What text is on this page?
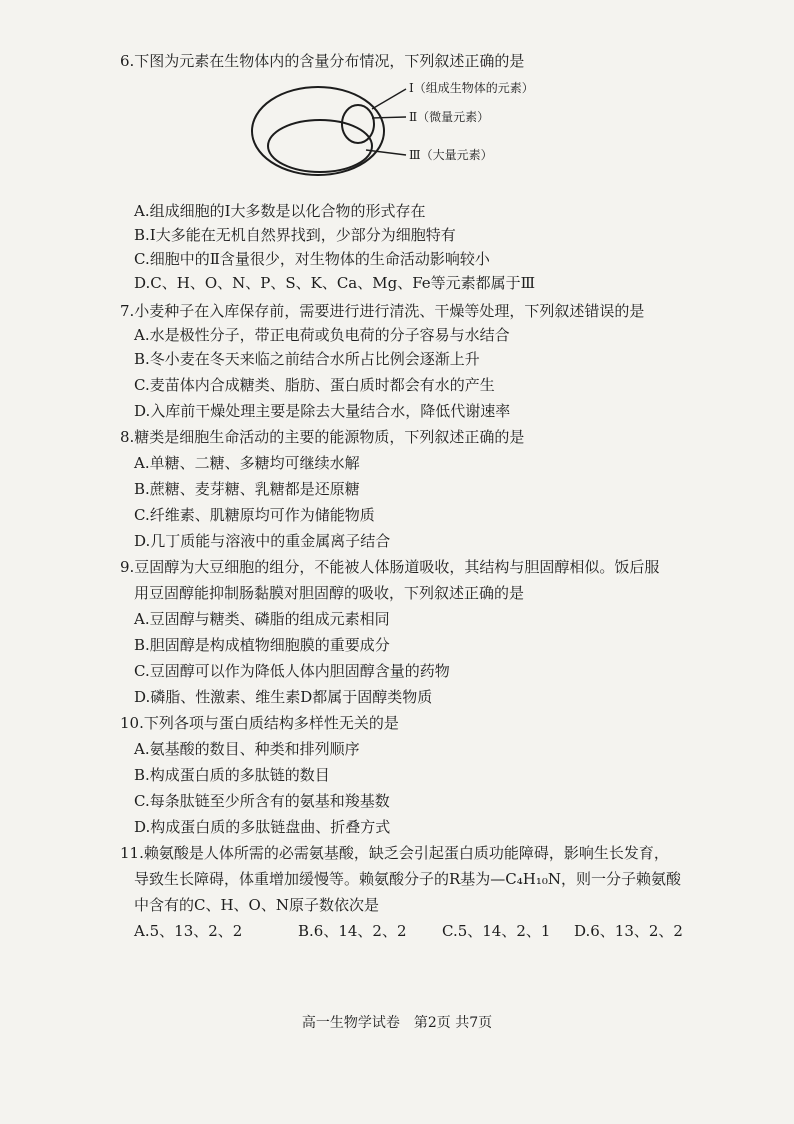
6.下图为元素在生物体内的含量分布情况，下列叙述正确的是
Ⅰ（组成生物体的元素）
Ⅱ（微量元素）
Ⅲ（大量元素）
A.组成细胞的Ⅰ大多数是以化合物的形式存在
B.Ⅰ大多能在无机自然界找到，少部分为细胞特有
C.细胞中的Ⅱ含量很少，对生物体的生命活动影响较小
D.C、H、O、N、P、S、K、Ca、Mg、Fe等元素都属于Ⅲ
7.小麦种子在入库保存前，需要进行进行清洗、干燥等处理，下列叙述错误的是
A.水是极性分子，带正电荷或负电荷的分子容易与水结合
B.冬小麦在冬天来临之前结合水所占比例会逐渐上升
C.麦苗体内合成糖类、脂肪、蛋白质时都会有水的产生
D.入库前干燥处理主要是除去大量结合水，降低代谢速率
8.糖类是细胞生命活动的主要的能源物质，下列叙述正确的是
A.单糖、二糖、多糖均可继续水解
B.蔗糖、麦芽糖、乳糖都是还原糖
C.纤维素、肌糖原均可作为储能物质
D.几丁质能与溶液中的重金属离子结合
9.豆固醇为大豆细胞的组分，不能被人体肠道吸收，其结构与胆固醇相似。饭后服
用豆固醇能抑制肠黏膜对胆固醇的吸收，下列叙述正确的是
A.豆固醇与糖类、磷脂的组成元素相同
B.胆固醇是构成植物细胞膜的重要成分
C.豆固醇可以作为降低人体内胆固醇含量的药物
D.磷脂、性激素、维生素D都属于固醇类物质
10.下列各项与蛋白质结构多样性无关的是
A.氨基酸的数目、种类和排列顺序
B.构成蛋白质的多肽链的数目
C.每条肽链至少所含有的氨基和羧基数
D.构成蛋白质的多肽链盘曲、折叠方式
11.赖氨酸是人体所需的必需氨基酸，缺乏会引起蛋白质功能障碍，影响生长发育，
导致生长障碍，体重增加缓慢等。赖氨酸分子的R基为—C₄H₁₀N，则一分子赖氨酸
中含有的C、H、O、N原子数依次是
A.5、13、2、2	B.6、14、2、2	C.5、14、2、1	D.6、13、2、2
高一生物学试卷　第2页 共7页
